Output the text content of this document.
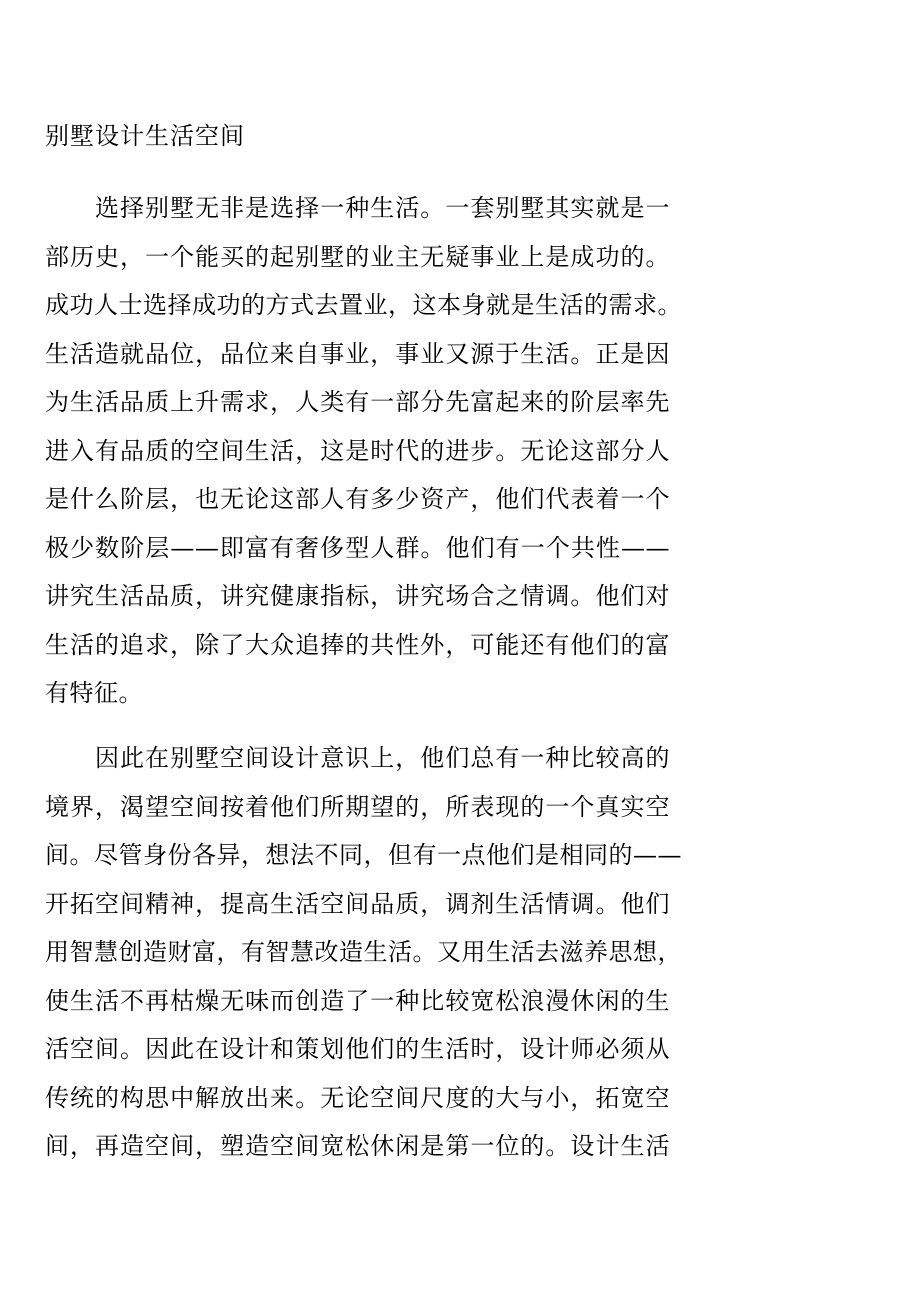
别墅设计生活空间
选择别墅无非是选择一种生活。一套别墅其实就是一
部历史，一个能买的起别墅的业主无疑事业上是成功的。
成功人士选择成功的方式去置业，这本身就是生活的需求。
生活造就品位，品位来自事业，事业又源于生活。正是因
为生活品质上升需求，人类有一部分先富起来的阶层率先
进入有品质的空间生活，这是时代的进步。无论这部分人
是什么阶层，也无论这部人有多少资产，他们代表着一个
极少数阶层——即富有奢侈型人群。他们有一个共性——
讲究生活品质，讲究健康指标，讲究场合之情调。他们对
生活的追求，除了大众追捧的共性外，可能还有他们的富
有特征。
因此在别墅空间设计意识上，他们总有一种比较高的
境界，渴望空间按着他们所期望的，所表现的一个真实空
间。尽管身份各异，想法不同，但有一点他们是相同的——
开拓空间精神，提高生活空间品质，调剂生活情调。他们
用智慧创造财富，有智慧改造生活。又用生活去滋养思想，
使生活不再枯燥无味而创造了一种比较宽松浪漫休闲的生
活空间。因此在设计和策划他们的生活时，设计师必须从
传统的构思中解放出来。无论空间尺度的大与小，拓宽空
间，再造空间，塑造空间宽松休闲是第一位的。设计生活
